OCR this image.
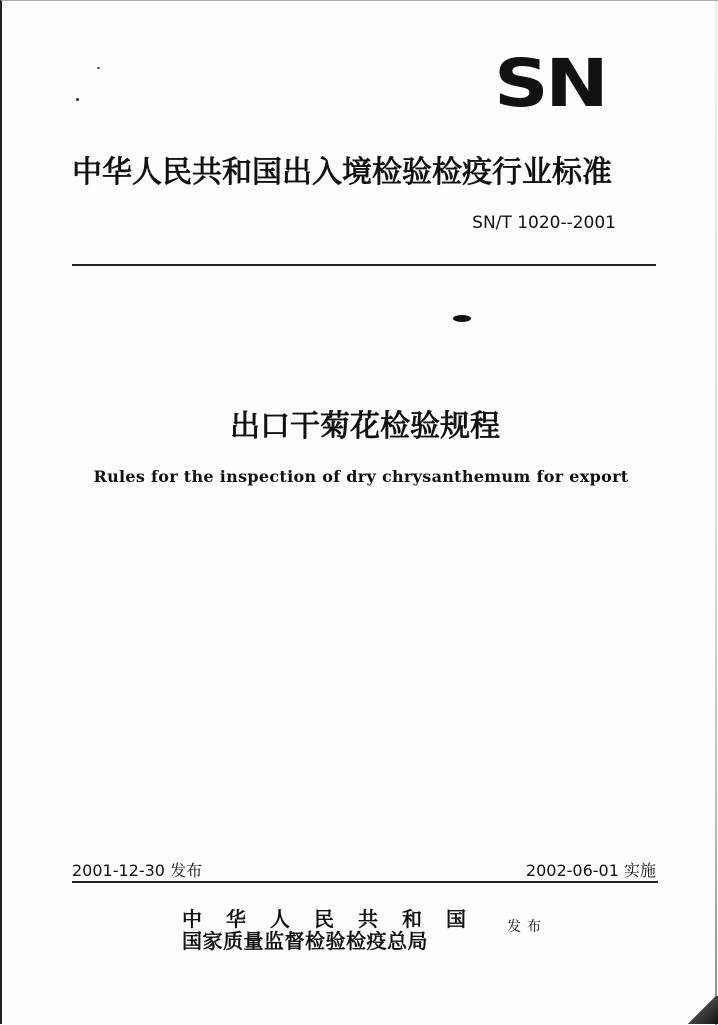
SN
中华人民共和国出入境检验检疫行业标准
SN/T 1020--2001
出口干菊花检验规程
Rules for the inspection of dry chrysanthemum for export
2001-12-30 发布	2002-06-01 实施
中华人民共和国
国家质量监督检验检疫总局
发布
